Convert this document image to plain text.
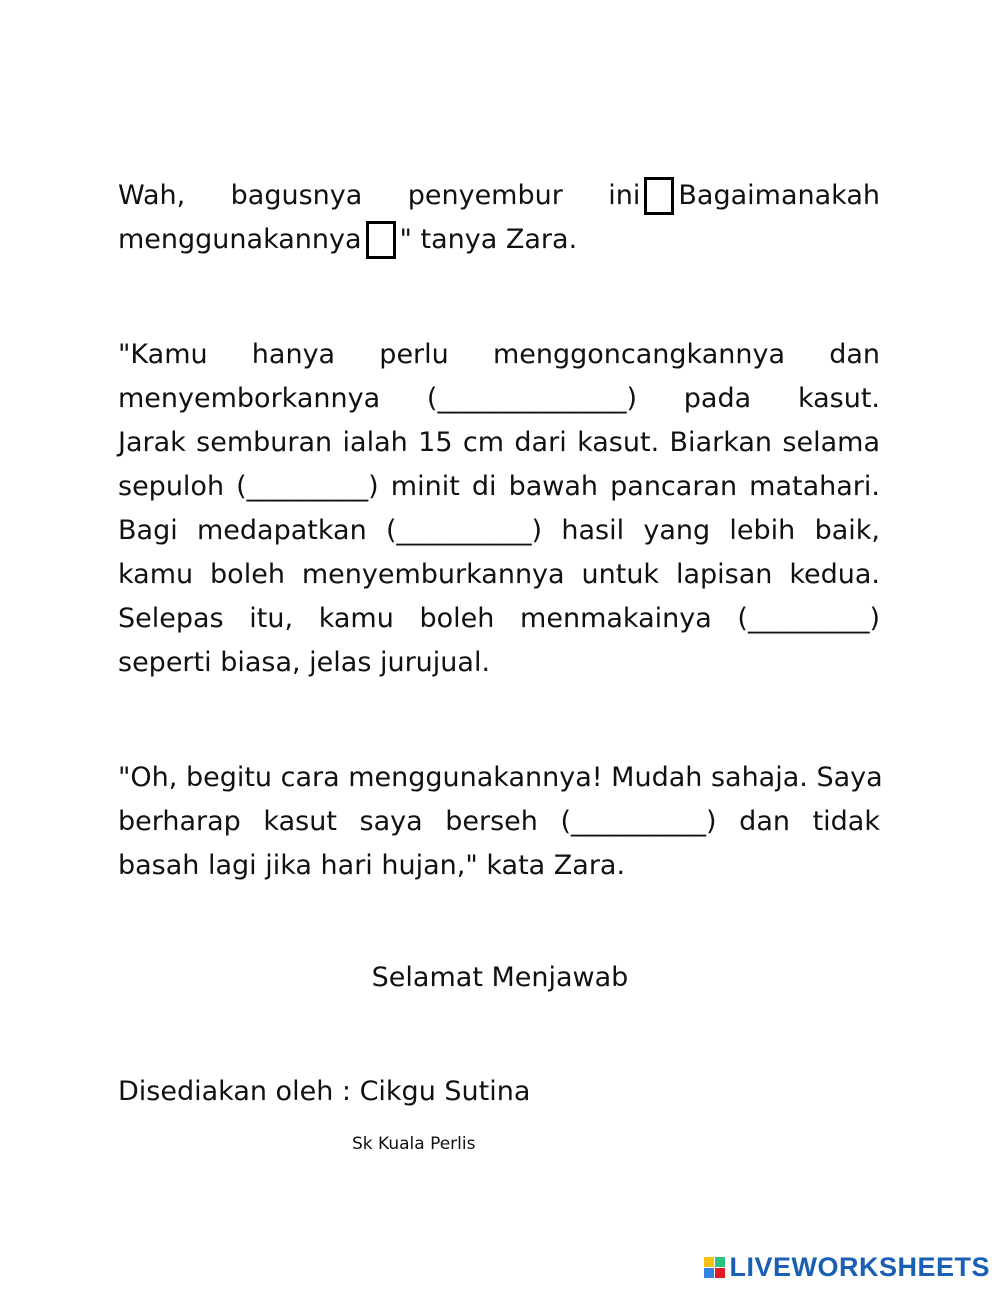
Wah, bagusnya penyembur ini Bagaimanakah
menggunakannya " tanya Zara.
"Kamu hanya perlu menggoncangkannya dan
menyemborkannya (______________) pada kasut.
Jarak semburan ialah 15 cm dari kasut. Biarkan selama
sepuloh (_________) minit di bawah pancaran matahari.
Bagi medapatkan (__________) hasil yang lebih baik,
kamu boleh menyemburkannya untuk lapisan kedua.
Selepas itu, kamu boleh menmakainya (_________)
seperti biasa, jelas jurujual.
"Oh, begitu cara menggunakannya! Mudah sahaja. Saya
berharap kasut saya berseh (__________) dan tidak
basah lagi jika hari hujan," kata Zara.
Selamat Menjawab
Disediakan oleh : Cikgu Sutina
Sk Kuala Perlis
LIVEWORKSHEETS
